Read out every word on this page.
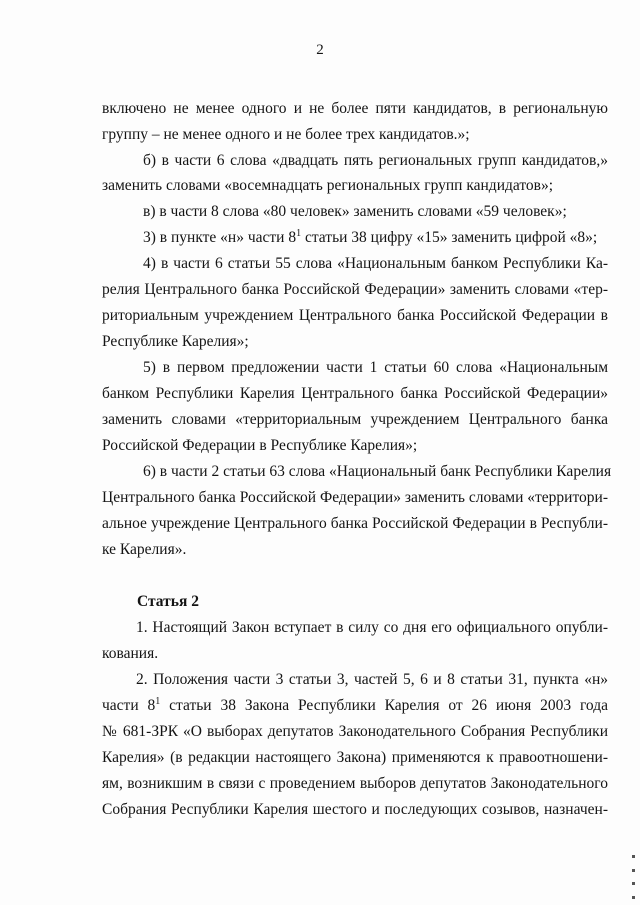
2
включено не менее одного и не более пяти кандидатов, в региональную
группу – не менее одного и не более трех кандидатов.»;
б) в части 6 слова «двадцать пять региональных групп кандидатов,»
заменить словами «восемнадцать региональных групп кандидатов»;
в) в части 8 слова «80 человек» заменить словами «59 человек»;
3) в пункте «н» части $8^1$ статьи 38 цифру «15» заменить цифрой «8»;
4) в части 6 статьи 55 слова «Национальным банком Республики Ка-
релия Центрального банка Российской Федерации» заменить словами «тер-
риториальным учреждением Центрального банка Российской Федерации в
Республике Карелия»;
5) в первом предложении части 1 статьи 60 слова «Национальным
банком Республики Карелия Центрального банка Российской Федерации»
заменить словами «территориальным учреждением Центрального банка
Российской Федерации в Республике Карелия»;
6) в части 2 статьи 63 слова «Национальный банк Республики Карелия
Центрального банка Российской Федерации» заменить словами «территори-
альное учреждение Центрального банка Российской Федерации в Республи-
ке Карелия».
Статья 2
1. Настоящий Закон вступает в силу со дня его официального опубли-
кования.
2. Положения части 3 статьи 3, частей 5, 6 и 8 статьи 31, пункта «н»
части $8^1$ статьи 38 Закона Республики Карелия от 26 июня 2003 года
№ 681-ЗРК «О выборах депутатов Законодательного Собрания Республики
Карелия» (в редакции настоящего Закона) применяются к правоотношени-
ям, возникшим в связи с проведением выборов депутатов Законодательного
Собрания Республики Карелия шестого и последующих созывов, назначен-
